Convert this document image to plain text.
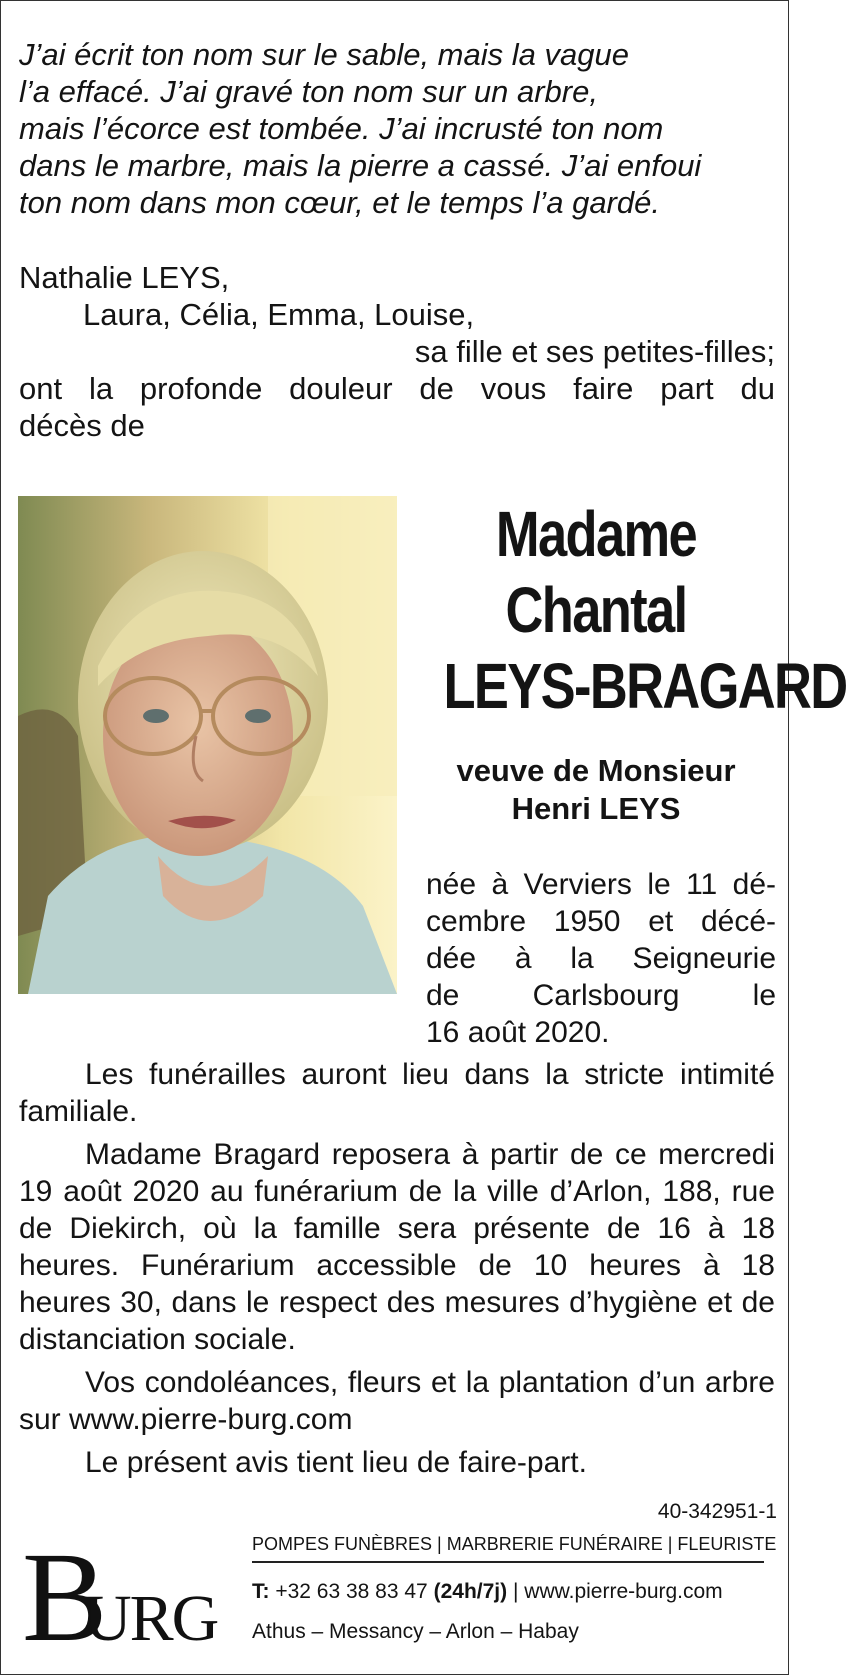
J’ai écrit ton nom sur le sable, mais la vague
l’a effacé. J’ai gravé ton nom sur un arbre,
mais l’écorce est tombée. J’ai incrusté ton nom
dans le marbre, mais la pierre a cassé. J’ai enfoui
ton nom dans mon cœur, et le temps l’a gardé.
Nathalie LEYS,
Laura, Célia, Emma, Louise,
sa fille et ses petites-filles;
ont la profonde douleur de vous faire part du
décès de
Madame
Chantal
LEYS-BRAGARD
veuve de Monsieur
Henri LEYS
née à Verviers le 11 dé-
cembre 1950 et décé-
dée à la Seigneurie
de Carlsbourg le
16 août 2020.

Les funérailles auront lieu dans la stricte intimité familiale.

Madame Bragard reposera à partir de ce mercredi 19 août 2020 au funérarium de la ville d’Arlon, 188, rue de Diekirch, où la famille sera présente de 16 à 18 heures. Funérarium accessible de 10 heures à 18 heures 30, dans le respect des mesures d’hygiène et de distanciation sociale.

Vos condoléances, fleurs et la plantation d’un arbre sur www.pierre-burg.com

Le présent avis tient lieu de faire-part.

40-342951-1
B
URG
POMPES FUNÈBRES | MARBRERIE FUNÉRAIRE | FLEURISTE
T: +32 63 38 83 47 (24h/7j) | www.pierre-burg.com
Athus – Messancy – Arlon – Habay
